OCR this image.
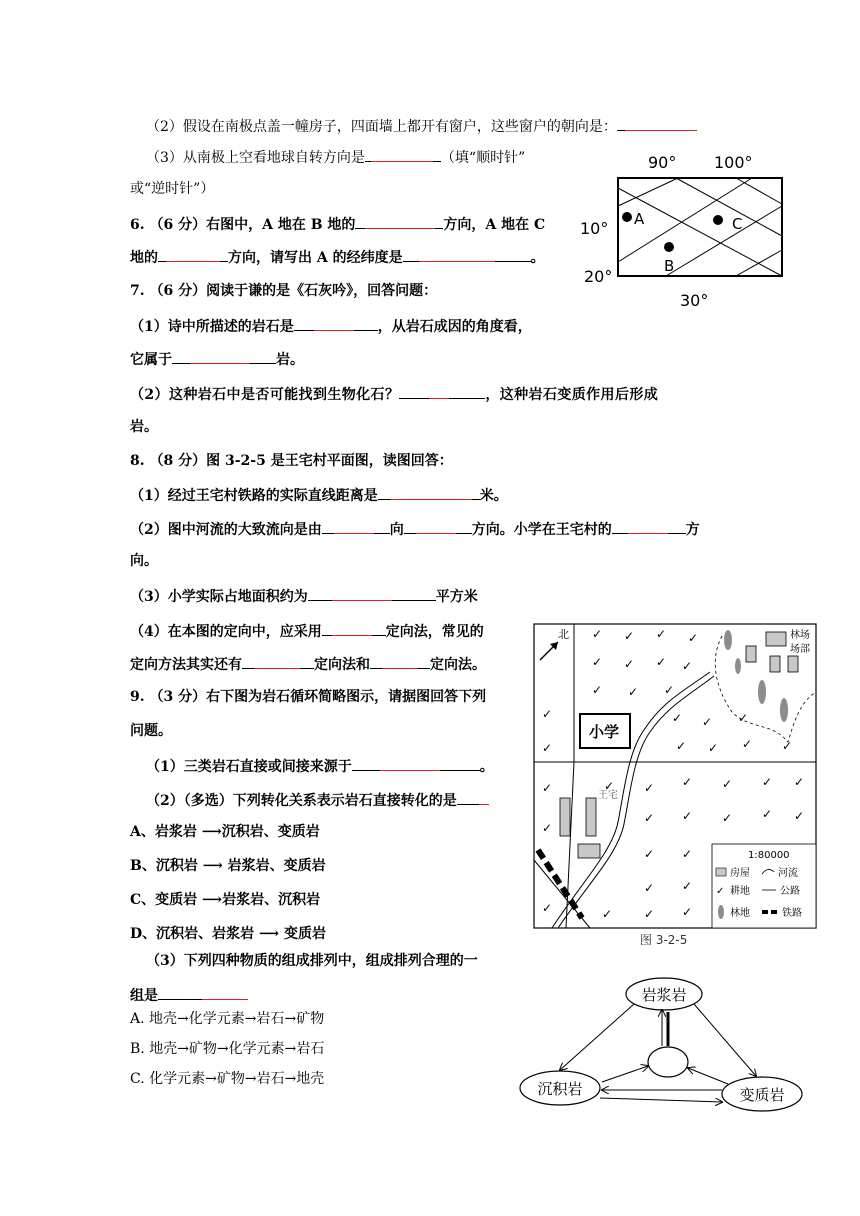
（2）假设在南极点盖一幢房子，四面墙上都开有窗户，这些窗户的朝向是：
（3）从南极上空看地球自转方向是	（填“顺时针”
或“逆时针”）
6. （6 分）右图中，A 地在 B 地的	方向，A 地在 C
地的	方向，请写出 A 的经纬度是	。
7. （6 分）阅读于谦的是《石灰吟》，回答问题：
（1）诗中所描述的岩石是	，从岩石成因的角度看，
它属于	岩。
（2）这种岩石中是否可能找到生物化石？	，这种岩石变质作用后形成
岩。
8. （8 分）图 3-2-5 是王宅村平面图，读图回答：
（1）经过王宅村铁路的实际直线距离是	米。
（2）图中河流的大致流向是由	向	方向。小学在王宅村的	方
向。
（3）小学实际占地面积约为	平方米
（4）在本图的定向中，应采用	定向法，常见的
定向方法其实还有	定向法和	定向法。
9. （3 分）右下图为岩石循环简略图示，请据图回答下列
问题。
（1）三类岩石直接或间接来源于	。
（2）（多选）下列转化关系表示岩石直接转化的是
A、岩浆岩 ⟶沉积岩、变质岩
B、沉积岩 ⟶ 岩浆岩、变质岩
C、变质岩 ⟶岩浆岩、沉积岩
D、沉积岩、岩浆岩 ⟶ 变质岩
（3）下列四种物质的组成排列中，组成排列合理的一
组是
A. 地壳→化学元素→岩石→矿物
B. 地壳→矿物→化学元素→岩石
C. 化学元素→矿物→岩石→地壳
A
B
C
90° 100°
10°
20°
30°
✓ ✓ ✓ ✓
✓ ✓ ✓ ✓
✓ ✓ ✓
✓ ✓ ✓
✓ ✓ ✓ ✓
✓
✓
✓
✓
✓
✓ ✓ ✓ ✓ ✓ ✓
✓ ✓ ✓ ✓ ✓
✓ ✓
✓ ✓
✓	✓ ✓
北	林场
场部
小学
王宅
1:80000
房屋	河流
✓ 耕地	公路
林地	铁路
图 3-2-5
岩浆岩
沉积岩	变质岩
